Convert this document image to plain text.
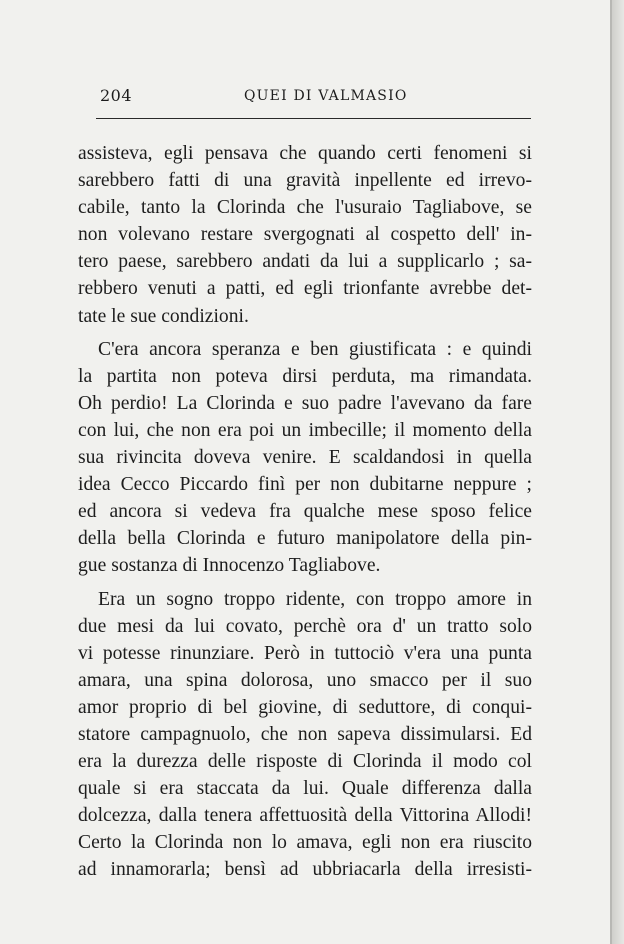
204	QUEI DI VALMASIO
assisteva, egli pensava che quando certi fenomeni si
sarebbero fatti di una gravità inpellente ed irrevo-
cabile, tanto la Clorinda che l'usuraio Tagliabove, se
non volevano restare svergognati al cospetto dell' in-
tero paese, sarebbero andati da lui a supplicarlo ; sa-
rebbero venuti a patti, ed egli trionfante avrebbe det-
tate le sue condizioni.
C'era ancora speranza e ben giustificata : e quindi
la partita non poteva dirsi perduta, ma rimandata.
Oh perdio! La Clorinda e suo padre l'avevano da fare
con lui, che non era poi un imbecille; il momento della
sua rivincita doveva venire. E scaldandosi in quella
idea Cecco Piccardo finì per non dubitarne neppure ;
ed ancora si vedeva fra qualche mese sposo felice
della bella Clorinda e futuro manipolatore della pin-
gue sostanza di Innocenzo Tagliabove.
Era un sogno troppo ridente, con troppo amore in
due mesi da lui covato, perchè ora d' un tratto solo
vi potesse rinunziare. Però in tuttociò v'era una punta
amara, una spina dolorosa, uno smacco per il suo
amor proprio di bel giovine, di seduttore, di conqui-
statore campagnuolo, che non sapeva dissimularsi. Ed
era la durezza delle risposte di Clorinda il modo col
quale si era staccata da lui. Quale differenza dalla
dolcezza, dalla tenera affettuosità della Vittorina Allodi!
Certo la Clorinda non lo amava, egli non era riuscito
ad innamorarla; bensì ad ubbriacarla della irresisti-
